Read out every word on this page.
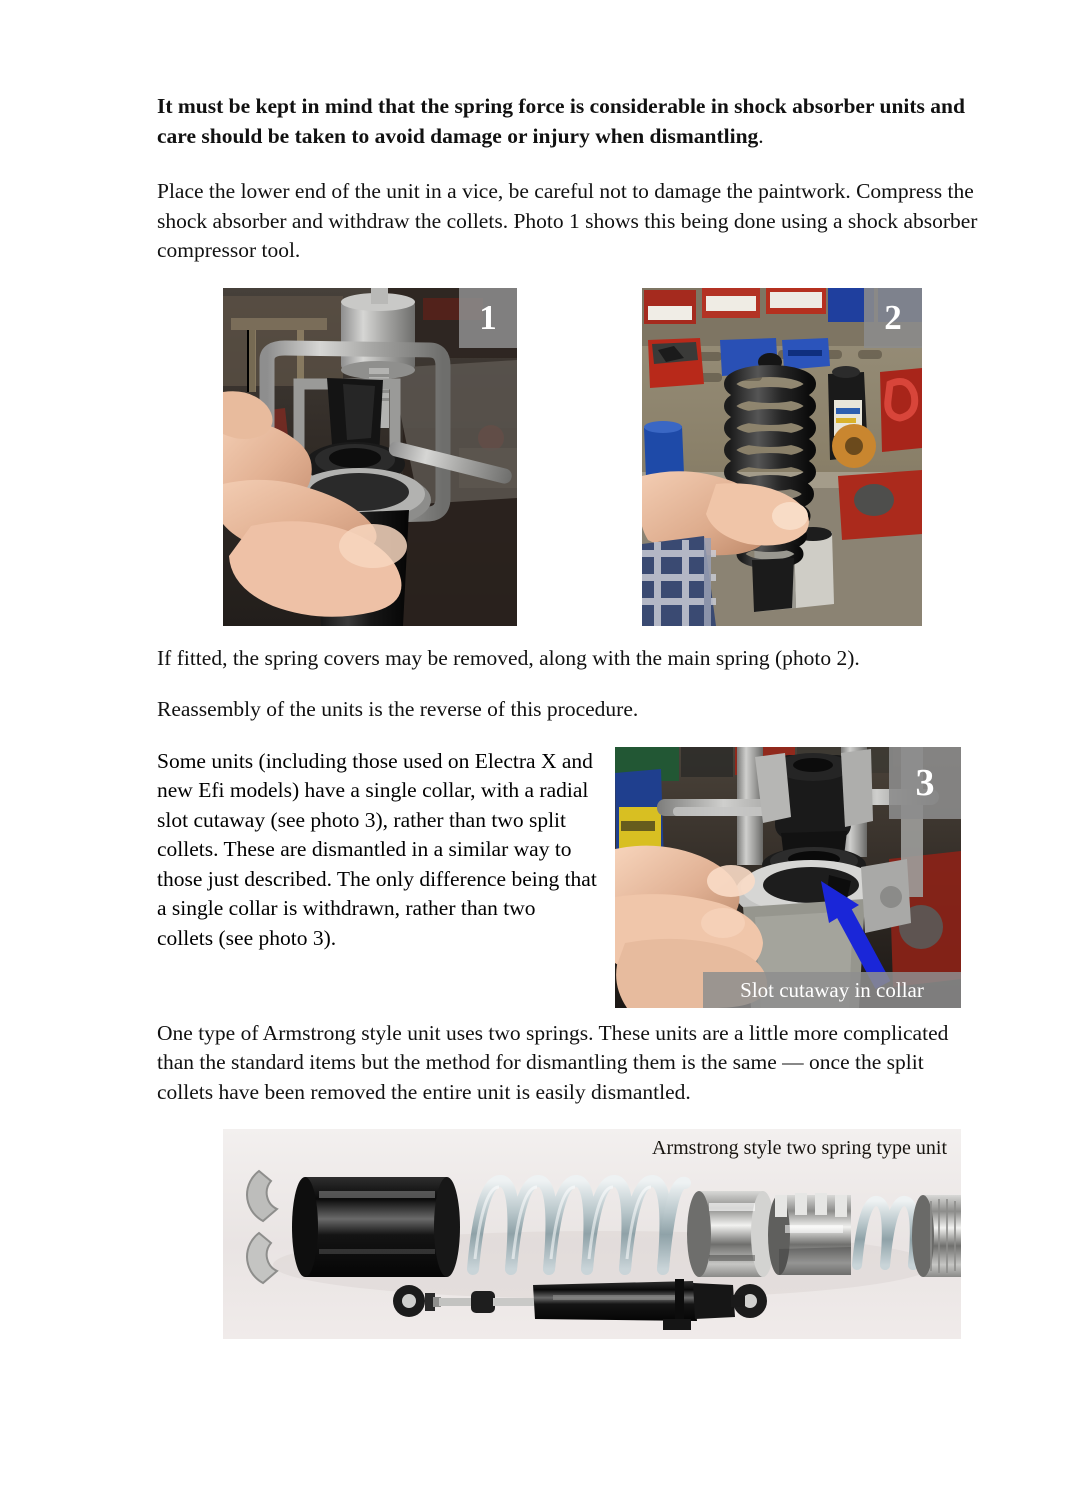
It must be kept in mind that the spring force is considerable in shock absorber units and care should be taken to avoid damage or injury when dismantling.

Place the lower end of the unit in a vice, be careful not to damage the paintwork. Compress the shock absorber and withdraw the collets. Photo 1 shows this being done using a shock absorber compressor tool.

1	2

If fitted, the spring covers may be removed, along with the main spring (photo 2).

Reassembly of the units is the reverse of this procedure.

Some units (including those used on Electra X and new Efi models) have a single collar, with a radial slot cutaway (see photo 3), rather than two split collets. These are dismantled in a similar way to those just described. The only difference being that a single collar is withdrawn, rather than two collets (see photo 3).
3
Slot cutaway in collar

One type of Armstrong style unit uses two springs. These units are a little more complicated than the standard items but the method for dismantling them is the same — once the split collets have been removed the entire unit is easily dismantled.

Armstrong style two spring type unit
